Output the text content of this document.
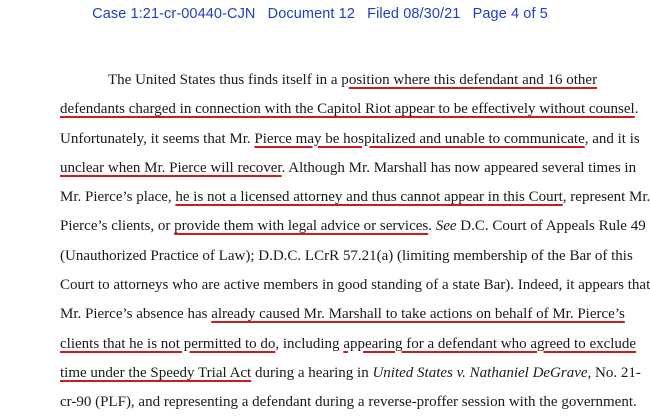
Case 1:21-cr-00440-CJN Document 12 Filed 08/30/21 Page 4 of 5
The United States thus finds itself in a position where this defendant and 16 other
defendants charged in connection with the Capitol Riot appear to be effectively without counsel.
Unfortunately, it seems that Mr. Pierce may be hospitalized and unable to communicate, and it is
unclear when Mr. Pierce will recover. Although Mr. Marshall has now appeared several times in
Mr. Pierce’s place, he is not a licensed attorney and thus cannot appear in this Court, represent Mr.
Pierce’s clients, or provide them with legal advice or services. See D.C. Court of Appeals Rule 49
(Unauthorized Practice of Law); D.D.C. LCrR 57.21(a) (limiting membership of the Bar of this
Court to attorneys who are active members in good standing of a state Bar). Indeed, it appears that
Mr. Pierce’s absence has already caused Mr. Marshall to take actions on behalf of Mr. Pierce’s
clients that he is not permitted to do, including appearing for a defendant who agreed to exclude
time under the Speedy Trial Act during a hearing in United States v. Nathaniel DeGrave, No. 21-
cr-90 (PLF), and representing a defendant during a reverse-proffer session with the government.
